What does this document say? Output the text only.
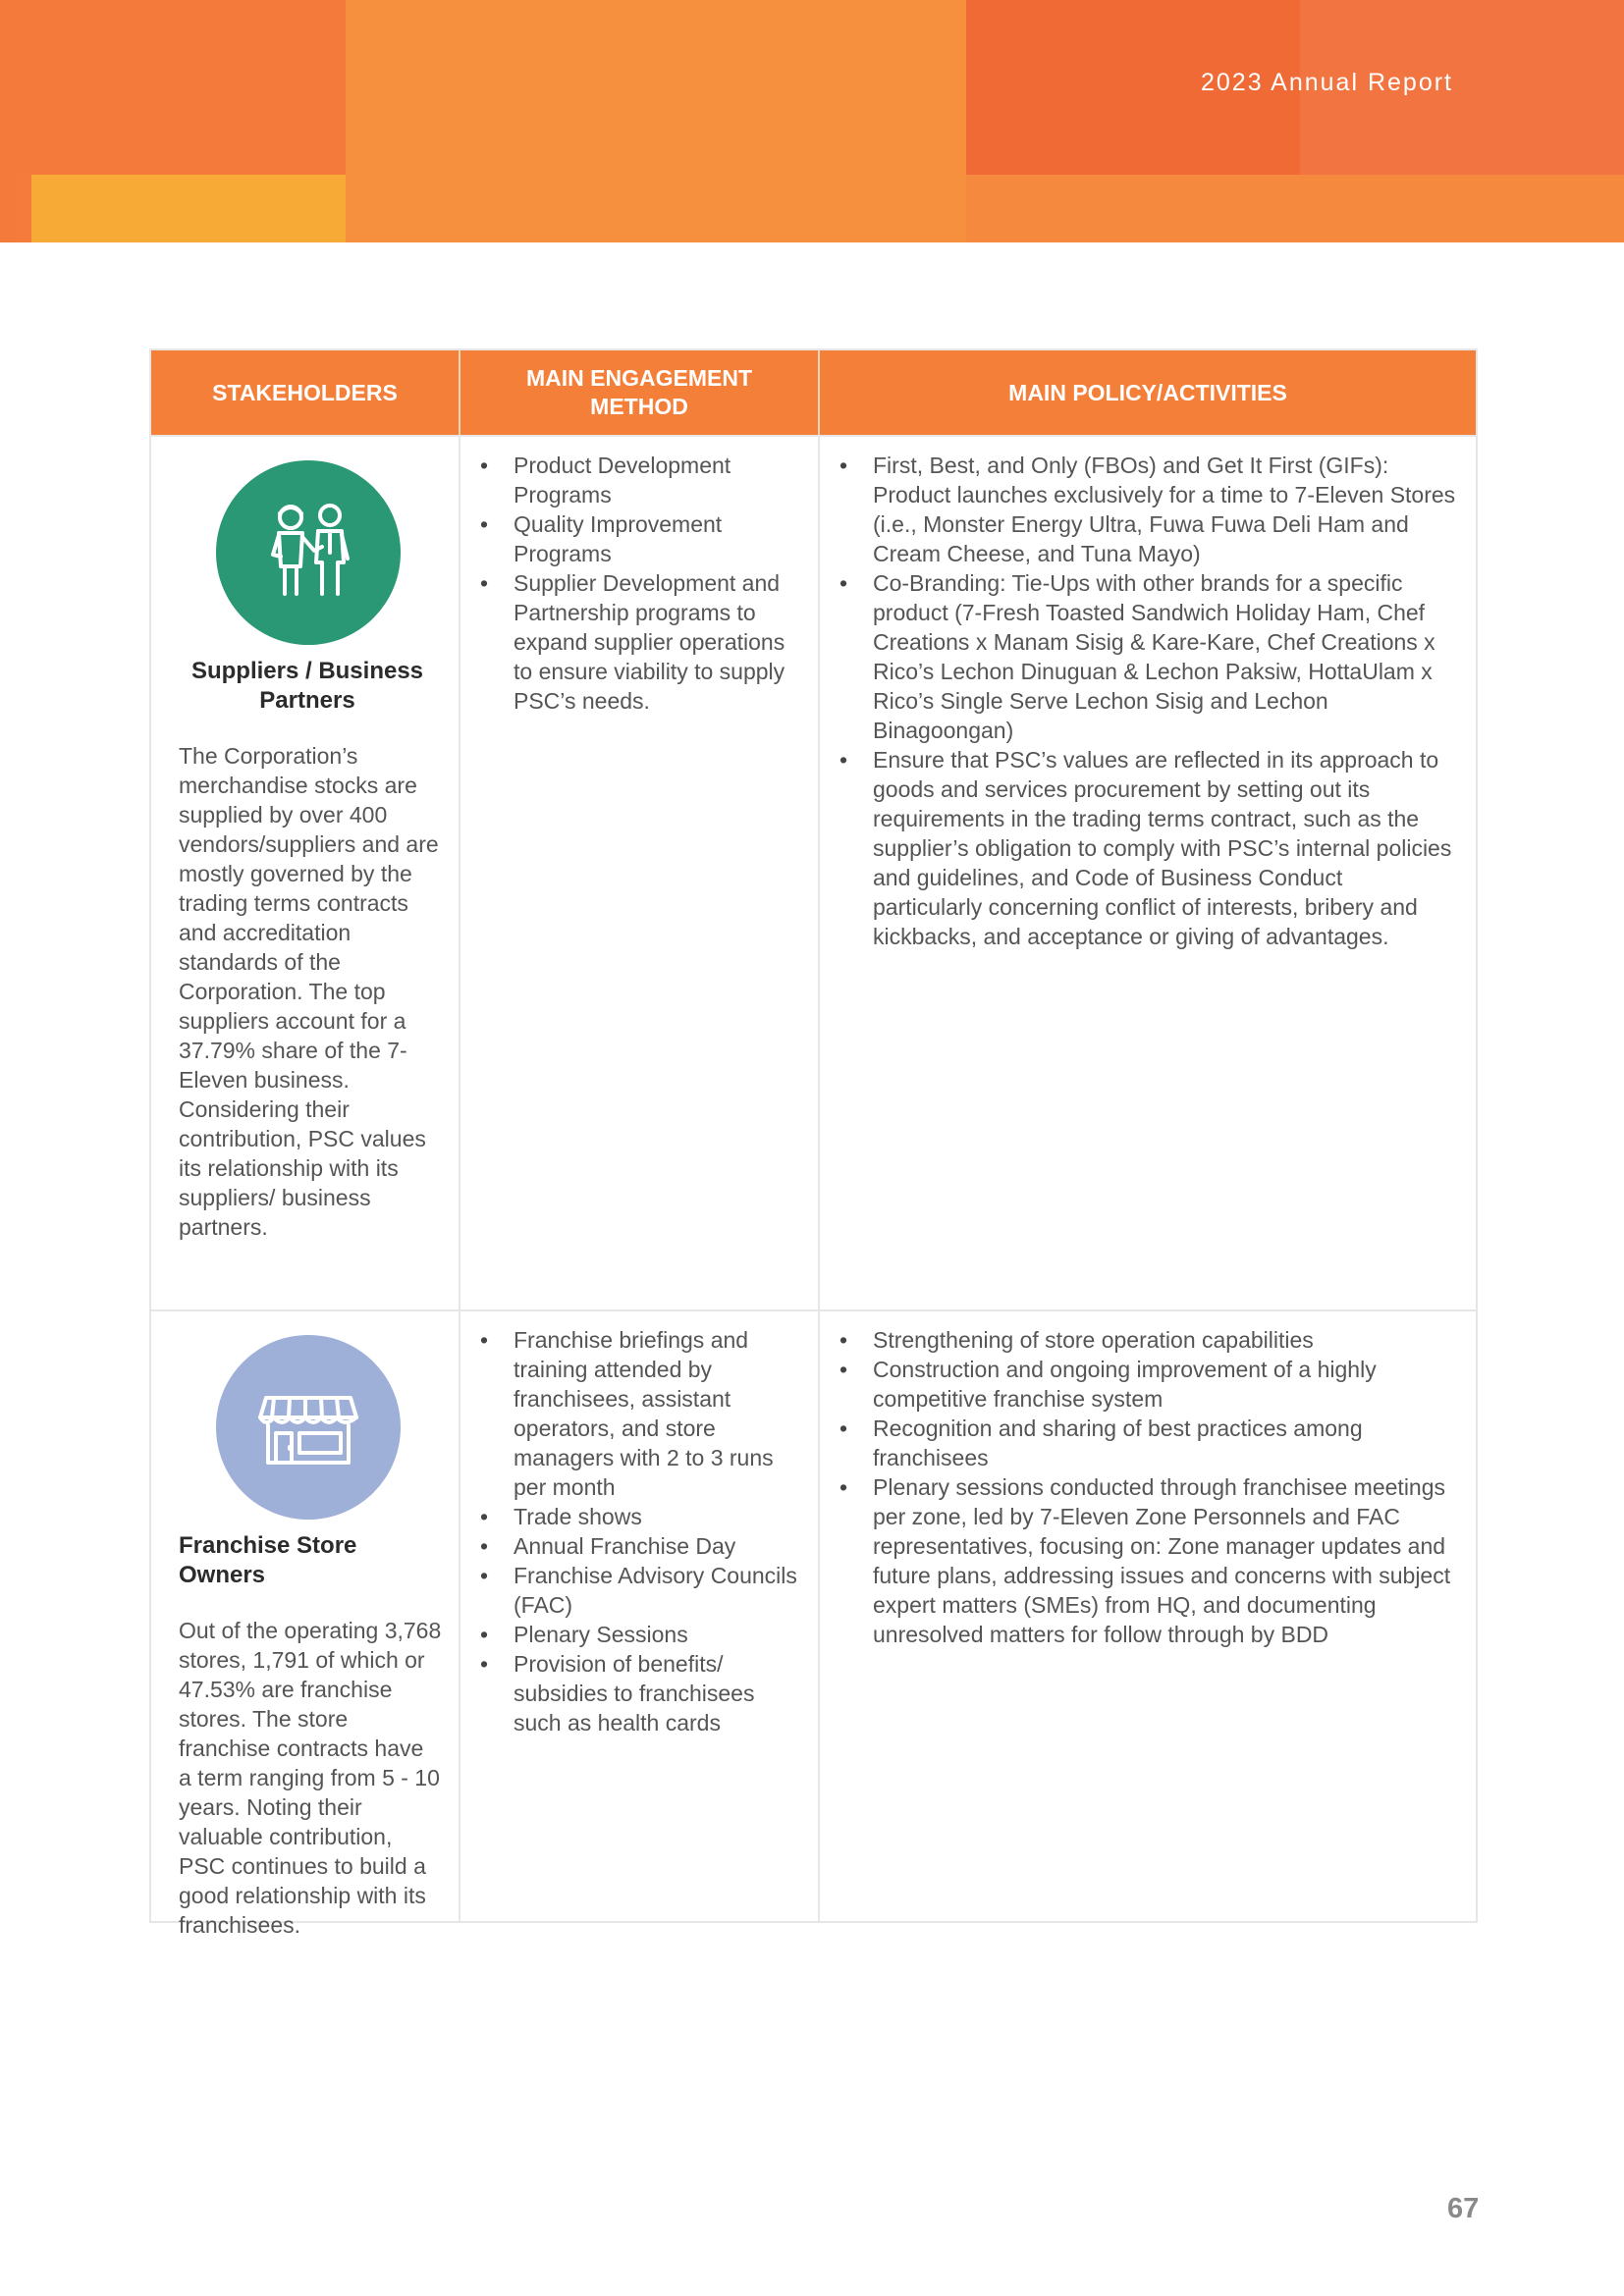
2023 Annual Report
STAKEHOLDERS
MAIN ENGAGEMENT METHOD
MAIN POLICY/ACTIVITIES
Suppliers / Business Partners
The Corporation’s merchandise stocks are supplied by over 400 vendors/suppliers and are mostly governed by the trading terms contracts and accreditation standards of the Corporation. The top suppliers account for a 37.79% share of the 7-Eleven business. Considering their contribution, PSC values its relationship with its suppliers/ business partners.
• Product Development Programs
• Quality Improvement Programs
• Supplier Development and Partnership programs to expand supplier operations to ensure viability to supply PSC’s needs.
• First, Best, and Only (FBOs) and Get It First (GIFs): Product launches exclusively for a time to 7-Eleven Stores (i.e., Monster Energy Ultra, Fuwa Fuwa Deli Ham and Cream Cheese, and Tuna Mayo)
• Co-Branding: Tie-Ups with other brands for a specific product (7-Fresh Toasted Sandwich Holiday Ham, Chef Creations x Manam Sisig & Kare-Kare, Chef Creations x Rico’s Lechon Dinuguan & Lechon Paksiw, HottaUlam x Rico’s Single Serve Lechon Sisig and Lechon Binagoongan)
• Ensure that PSC’s values are reflected in its approach to goods and services procurement by setting out its requirements in the trading terms contract, such as the supplier’s obligation to comply with PSC’s internal policies and guidelines, and Code of Business Conduct particularly concerning conflict of interests, bribery and kickbacks, and acceptance or giving of advantages.
Franchise Store Owners
Out of the operating 3,768 stores, 1,791 of which or 47.53% are franchise stores. The store franchise contracts have a term ranging from 5 - 10 years. Noting their valuable contribution, PSC continues to build a good relationship with its franchisees.
• Franchise briefings and training attended by franchisees, assistant operators, and store managers with 2 to 3 runs per month
• Trade shows
• Annual Franchise Day
• Franchise Advisory Councils (FAC)
• Plenary Sessions
• Provision of benefits/ subsidies to franchisees such as health cards
• Strengthening of store operation capabilities
• Construction and ongoing improvement of a highly competitive franchise system
• Recognition and sharing of best practices among franchisees
• Plenary sessions conducted through franchisee meetings per zone, led by 7-Eleven Zone Personnels and FAC representatives, focusing on: Zone manager updates and future plans, addressing issues and concerns with subject expert matters (SMEs) from HQ, and documenting unresolved matters for follow through by BDD
67
